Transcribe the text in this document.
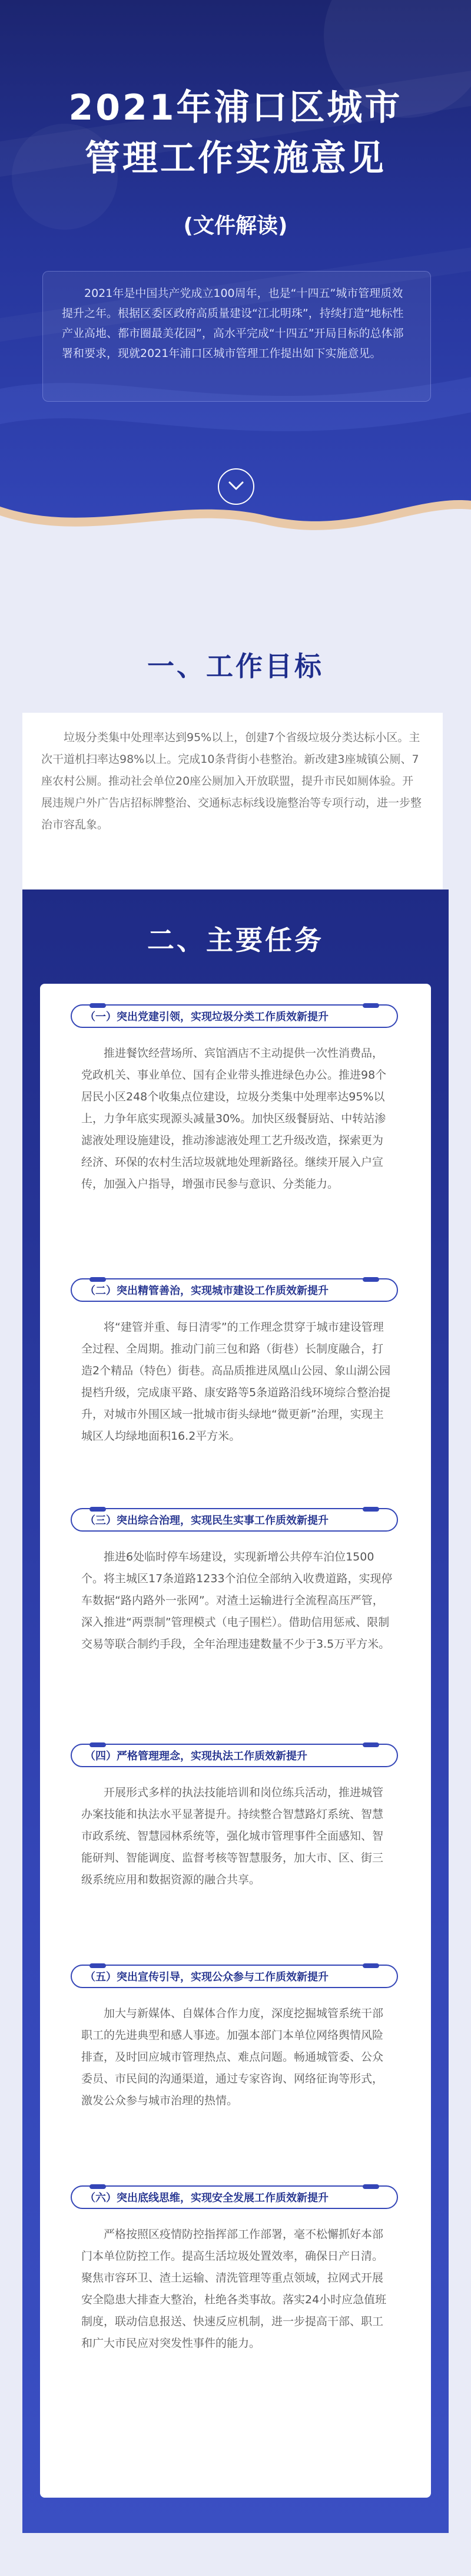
2021年浦口区城市
管理工作实施意见
(文件解读)
2021年是中国共产党成立100周年，也是“十四五”城市管理质效提升之年。根据区委区政府高质量建设“江北明珠”，持续打造“地标性产业高地、都市圈最美花园”，高水平完成“十四五”开局目标的总体部署和要求，现就2021年浦口区城市管理工作提出如下实施意见。
一、工作目标
垃圾分类集中处理率达到95%以上，创建7个省级垃圾分类达标小区。主次干道机扫率达98%以上。完成10条背街小巷整治。新改建3座城镇公厕、7座农村公厕。推动社会单位20座公厕加入开放联盟，提升市民如厕体验。开展违规户外广告店招标牌整治、交通标志标线设施整治等专项行动，进一步整治市容乱象。
二、主要任务
（一）突出党建引领，实现垃圾分类工作质效新提升
推进餐饮经营场所、宾馆酒店不主动提供一次性消费品，党政机关、事业单位、国有企业带头推进绿色办公。推进98个居民小区248个收集点位建设，垃圾分类集中处理率达95%以上，力争年底实现源头减量30%。加快区级餐厨站、中转站渗滤液处理设施建设，推动渗滤液处理工艺升级改造，探索更为经济、环保的农村生活垃圾就地处理新路径。继续开展入户宣传，加强入户指导，增强市民参与意识、分类能力。
（二）突出精管善治，实现城市建设工作质效新提升
将“建管并重、每日清零”的工作理念贯穿于城市建设管理全过程、全周期。推动门前三包和路（街巷）长制度融合，打造2个精品（特色）街巷。高品质推进凤凰山公园、象山湖公园提档升级，完成康平路、康安路等5条道路沿线环境综合整治提升，对城市外围区域一批城市街头绿地“微更新”治理，实现主城区人均绿地面积16.2平方米。
（三）突出综合治理，实现民生实事工作质效新提升
推进6处临时停车场建设，实现新增公共停车泊位1500个。将主城区17条道路1233个泊位全部纳入收费道路，实现停车数据“路内路外一张网”。对渣土运输进行全流程高压严管，深入推进“两票制”管理模式（电子围栏）。借助信用惩戒、限制交易等联合制约手段，全年治理违建数量不少于3.5万平方米。
（四）严格管理理念，实现执法工作质效新提升
开展形式多样的执法技能培训和岗位练兵活动，推进城管办案技能和执法水平显著提升。持续整合智慧路灯系统、智慧市政系统、智慧园林系统等，强化城市管理事件全面感知、智能研判、智能调度、监督考核等智慧服务，加大市、区、街三级系统应用和数据资源的融合共享。
（五）突出宣传引导，实现公众参与工作质效新提升
加大与新媒体、自媒体合作力度，深度挖掘城管系统干部职工的先进典型和感人事迹。加强本部门本单位网络舆情风险排查，及时回应城市管理热点、难点问题。畅通城管委、公众委员、市民间的沟通渠道，通过专家咨询、网络征询等形式，激发公众参与城市治理的热情。
（六）突出底线思维，实现安全发展工作质效新提升
严格按照区疫情防控指挥部工作部署，毫不松懈抓好本部门本单位防控工作。提高生活垃圾处置效率，确保日产日清。聚焦市容环卫、渣土运输、清洗管理等重点领域，拉网式开展安全隐患大排查大整治，杜绝各类事故。落实24小时应急值班制度，联动信息报送、快速反应机制，进一步提高干部、职工和广大市民应对突发性事件的能力。
